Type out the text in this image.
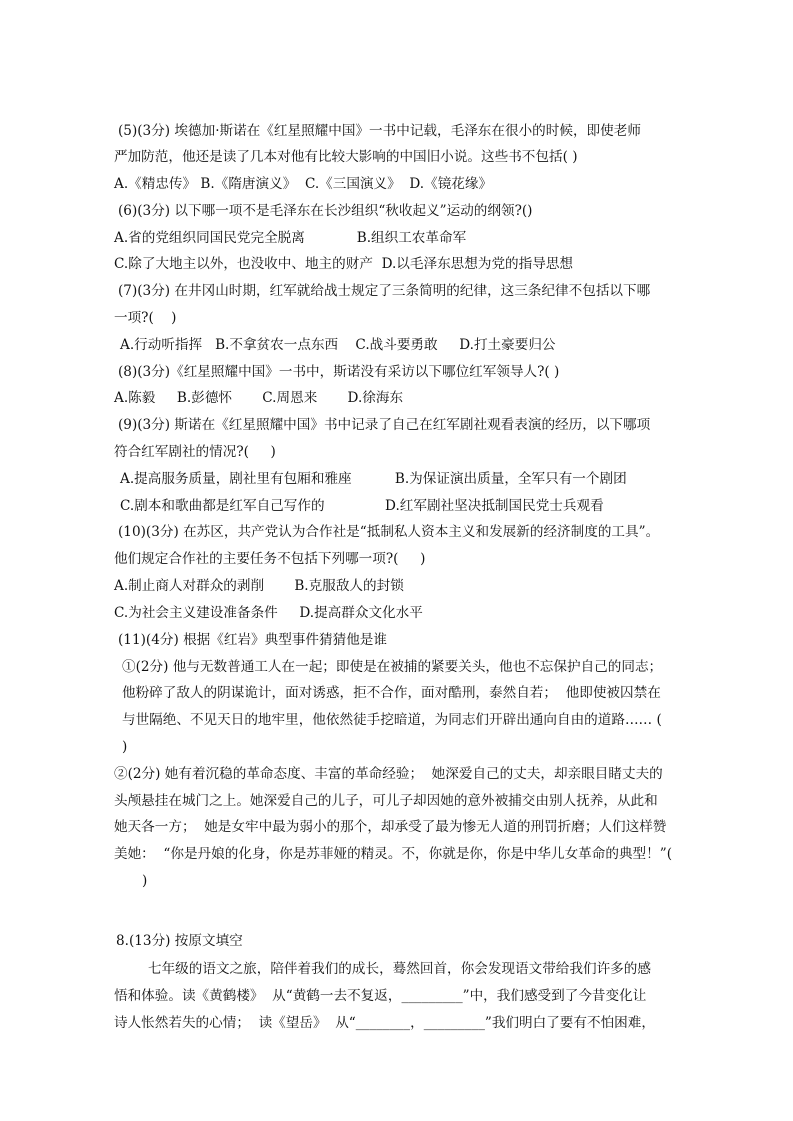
(5)(3分) 埃德加·斯诺在《红星照耀中国》一书中记载，毛泽东在很小的时候，即使老师
严加防范，他还是读了几本对他有比较大影响的中国旧小说。这些书不包括( )
A.《精忠传》 B.《隋唐演义》  C.《三国演义》  D.《镜花缘》
(6)(3分) 以下哪一项不是毛泽东在长沙组织“秋收起义”运动的纲领?()
A.省的党组织同国民党完全脱离            B.组织工农革命军
C.除了大地主以外，也没收中、地主的财产  D.以毛泽东思想为党的指导思想
(7)(3分) 在井冈山时期，红军就给战士规定了三条简明的纪律，这三条纪律不包括以下哪
一项?(    )
A.行动听指挥   B.不拿贫农一点东西    C.战斗要勇敢     D.打土豪要归公
(8)(3分)《红星照耀中国》一书中，斯诺没有采访以下哪位红军领导人?( )
A.陈毅     B.彭德怀       C.周恩来       D.徐海东
(9)(3分) 斯诺在《红星照耀中国》书中记录了自己在红军剧社观看表演的经历，以下哪项
符合红军剧社的情况?(     )
A.提高服务质量，剧社里有包厢和雅座          B.为保证演出质量，全军只有一个剧团
C.剧本和歌曲都是红军自己写作的              D.红军剧社坚决抵制国民党士兵观看
(10)(3分) 在苏区，共产党认为合作社是“抵制私人资本主义和发展新的经济制度的工具”。
他们规定合作社的主要任务不包括下列哪一项?(     )
A.制止商人对群众的剥削       B.克服敌人的封锁
C.为社会主义建设准备条件     D.提高群众文化水平
(11)(4分) 根据《红岩》典型事件猜猜他是谁
①(2分) 他与无数普通工人在一起；即使是在被捕的紧要关头，他也不忘保护自己的同志；
他粉碎了敌人的阴谋诡计，面对诱惑，拒不合作，面对酷刑，泰然自若；  他即使被囚禁在
与世隔绝、不见天日的地牢里，他依然徒手挖暗道，为同志们开辟出通向自由的道路…… (
)
②(2分) 她有着沉稳的革命态度、丰富的革命经验；  她深爱自己的丈夫，却亲眼目睹丈夫的
头颅悬挂在城门之上。她深爱自己的儿子，可儿子却因她的意外被捕交由别人抚养，从此和
她天各一方；  她是女牢中最为弱小的那个，却承受了最为惨无人道的刑罚折磨；人们这样赞
美她：  “你是丹娘的化身，你是苏菲娅的精灵。不，你就是你，你是中华儿女革命的典型！”(
)
8.(13分) 按原文填空
七年级的语文之旅，陪伴着我们的成长，蓦然回首，你会发现语文带给我们许多的感
悟和体验。读《黄鹤楼》  从“黄鹤一去不复返，_________”中，我们感受到了今昔变化让
诗人怅然若失的心情；  读《望岳》  从“________，_________”我们明白了要有不怕困难，
